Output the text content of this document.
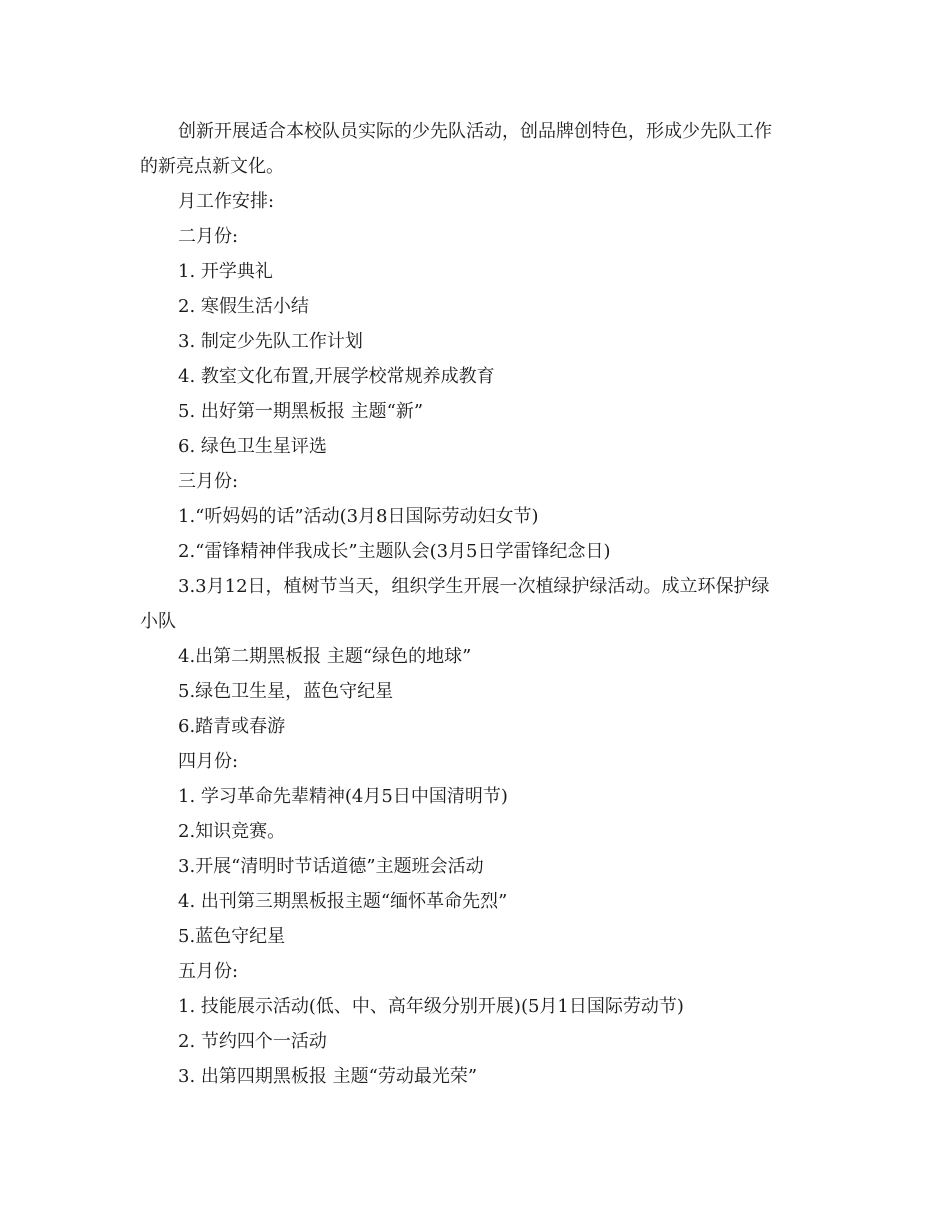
创新开展适合本校队员实际的少先队活动，创品牌创特色，形成少先队工作
的新亮点新文化。
月工作安排:
二月份:
1. 开学典礼
2. 寒假生活小结
3. 制定少先队工作计划
4. 教室文化布置,开展学校常规养成教育
5. 出好第一期黑板报 主题“新”
6. 绿色卫生星评选
三月份:
1.“听妈妈的话”活动(3月8日国际劳动妇女节)
2.“雷锋精神伴我成长”主题队会(3月5日学雷锋纪念日)
3.3月12日，植树节当天，组织学生开展一次植绿护绿活动。成立环保护绿
小队
4.出第二期黑板报 主题“绿色的地球”
5.绿色卫生星，蓝色守纪星
6.踏青或春游
四月份:
1. 学习革命先辈精神(4月5日中国清明节)
2.知识竞赛。
3.开展“清明时节话道德”主题班会活动
4. 出刊第三期黑板报主题“缅怀革命先烈”
5.蓝色守纪星
五月份:
1. 技能展示活动(低、中、高年级分别开展)(5月1日国际劳动节)
2. 节约四个一活动
3. 出第四期黑板报 主题“劳动最光荣”
